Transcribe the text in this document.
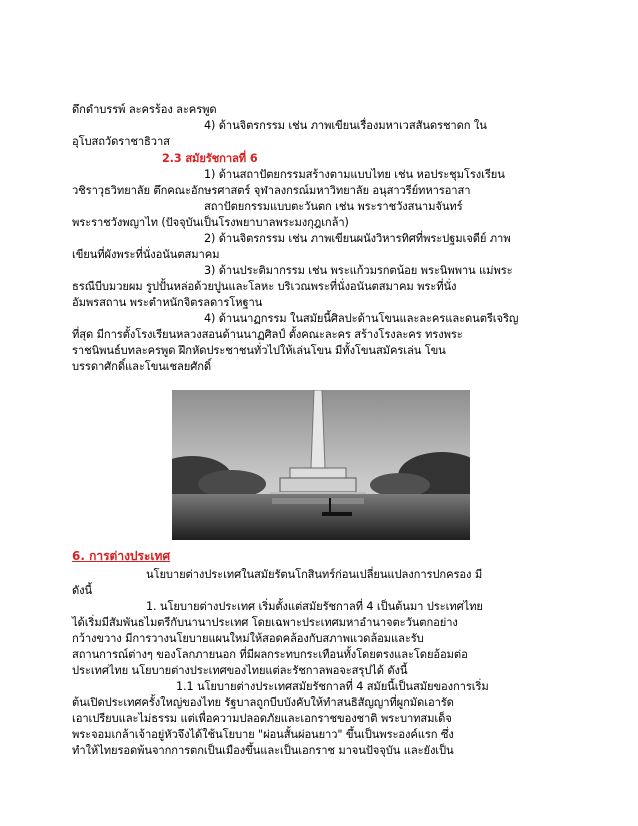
ดึกดำบรรพ์ ละครร้อง ละครพูด
4) ด้านจิตรกรรม เช่น ภาพเขียนเรื่องมหาเวสสันดรชาดก ใน
อุโบสถวัดราชาธิวาส
2.3 สมัยรัชกาลที่ 6
1) ด้านสถาปัตยกรรมสร้างตามแบบไทย เช่น หอประชุมโรงเรียน
วชิราวุธวิทยาลัย ตึกคณะอักษรศาสตร์ จุฬาลงกรณ์มหาวิทยาลัย อนุสาวรีย์ทหารอาสา
สถาปัตยกรรมแบบตะวันตก เช่น พระราชวังสนามจันทร์
พระราชวังพญาไท (ปัจจุบันเป็นโรงพยาบาลพระมงกุฎเกล้า)
2) ด้านจิตรกรรม เช่น ภาพเขียนผนังวิหารทิศที่พระปฐมเจดีย์ ภาพ
เขียนที่ผังพระที่นั่งอนันตสมาคม
3) ด้านประติมากรรม เช่น พระแก้วมรกตน้อย พระนิพพาน แม่พระ
ธรณีบีบมวยผม รูปปั้นหล่อด้วยปูนและโลหะ บริเวณพระที่นั่งอนันตสมาคม พระที่นั่ง
อัมพรสถาน พระตำหนักจิตรลดารโหฐาน
4) ด้านนาฏกรรม ในสมัยนี้ศิลปะด้านโขนและละครและดนตรีเจริญ
ที่สุด มีการตั้งโรงเรียนหลวงสอนด้านนาฏศิลป์ ตั้งคณะละคร สร้างโรงละคร ทรงพระ
ราชนิพนธ์บทละครพูด ฝึกหัดประชาชนทั่วไปให้เล่นโขน มีทั้งโขนสมัครเล่น โขน
บรรดาศักดิ์และโขนเชลยศักดิ์
6. การต่างประเทศ
นโยบายต่างประเทศในสมัยรัตนโกสินทร์ก่อนเปลี่ยนแปลงการปกครอง มี
ดังนี้
1. นโยบายต่างประเทศ เริ่มตั้งแต่สมัยรัชกาลที่ 4 เป็นต้นมา ประเทศไทย
ได้เริ่มมีสัมพันธไมตรีกับนานาประเทศ โดยเฉพาะประเทศมหาอำนาจตะวันตกอย่าง
กว้างขวาง มีการวางนโยบายแผนใหม่ให้สอดคล้องกับสภาพแวดล้อมและรับ
สถานการณ์ต่างๆ ของโลกภายนอก ที่มีผลกระทบกระเทือนทั้งโดยตรงและโดยอ้อมต่อ
ประเทศไทย นโยบายต่างประเทศของไทยแต่ละรัชกาลพอจะสรุปได้ ดังนี้
1.1 นโยบายต่างประเทศสมัยรัชกาลที่ 4 สมัยนี้เป็นสมัยของการเริ่ม
ต้นเปิดประเทศครั้งใหญ่ของไทย รัฐบาลถูกบีบบังคับให้ทำสนธิสัญญาที่ผูกมัดเอารัด
เอาเปรียบและไม่ธรรม แต่เพื่อความปลอดภัยและเอกราชของชาติ พระบาทสมเด็จ
พระจอมเกล้าเจ้าอยู่หัวจึงได้ใช้นโยบาย "ผ่อนสั้นผ่อนยาว" ขึ้นเป็นพระองค์แรก ซึ่ง
ทำให้ไทยรอดพ้นจากการตกเป็นเมืองขึ้นและเป็นเอกราช มาจนปัจจุบัน และยังเป็น
